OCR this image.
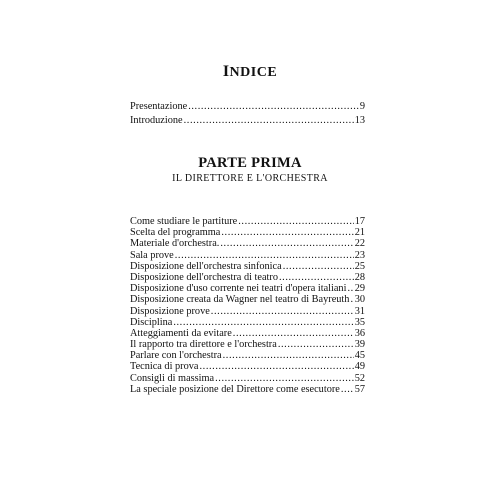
INDICE
Presentazione .....	9
Introduzione .....	13
PARTE PRIMA
IL DIRETTORE E L'ORCHESTRA
Come studiare le partiture .....	17
Scelta del programma .....	21
Materiale d'orchestra. .....	22
Sala prove .....	23
Disposizione dell'orchestra sinfonica .....	25
Disposizione dell'orchestra di teatro .....	28
Disposizione d'uso corrente nei teatri d'opera italiani ..... 29
Disposizione creata da Wagner nel teatro di Bayreuth ..... 30
Disposizione prove .....	31
Disciplina .....	35
Atteggiamenti da evitare .....	36
Il rapporto tra direttore e l'orchestra .....	39
Parlare con l'orchestra .....	45
Tecnica di prova .....	49
Consigli di massima .....	52
La speciale posizione del Direttore come esecutore ..... 57
